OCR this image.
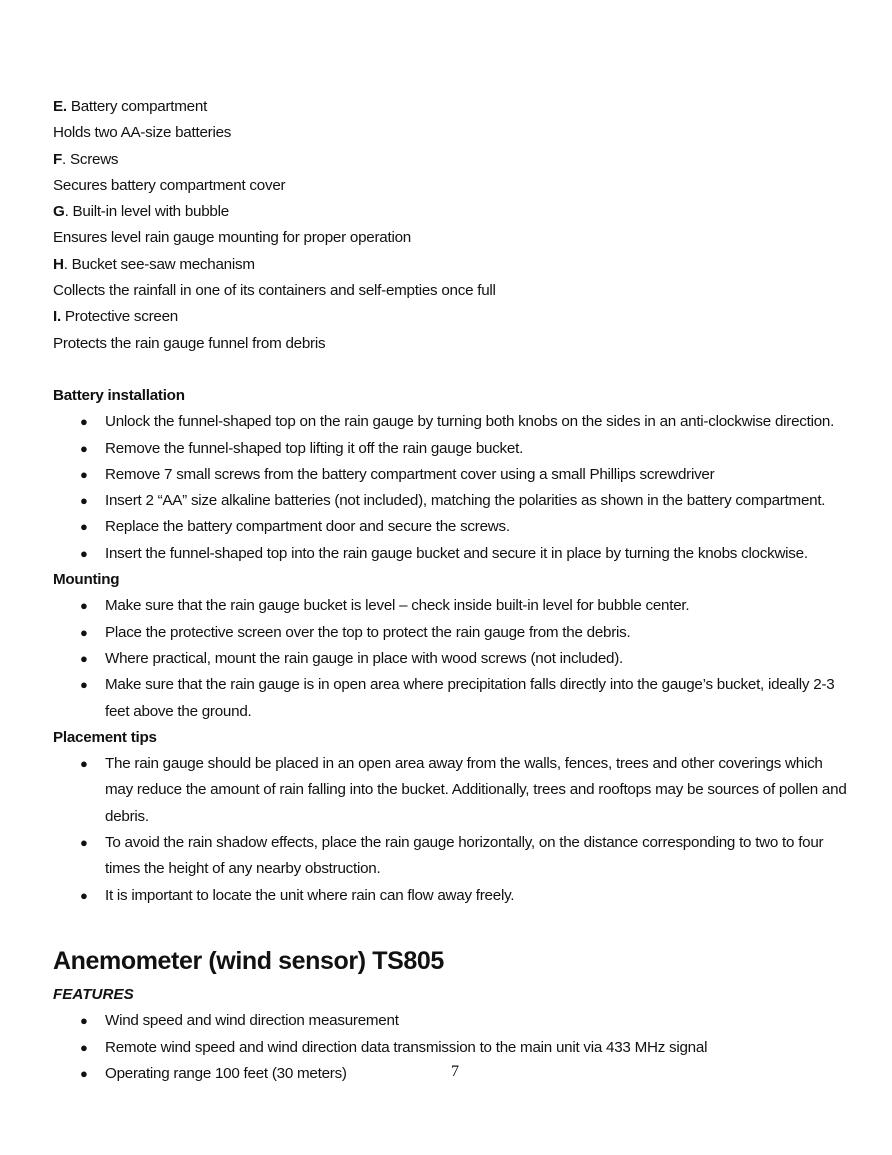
E. Battery compartment
Holds two AA-size batteries
F. Screws
Secures battery compartment cover
G. Built-in level with bubble
Ensures level rain gauge mounting for proper operation
H. Bucket see-saw mechanism
Collects the rainfall in one of its containers and self-empties once full
I. Protective screen
Protects the rain gauge funnel from debris
Battery installation
● Unlock the funnel-shaped top on the rain gauge by turning both knobs on the sides in an anti-clockwise direction.
● Remove the funnel-shaped top lifting it off the rain gauge bucket.
● Remove 7 small screws from the battery compartment cover using a small Phillips screwdriver
● Insert 2 “AA” size alkaline batteries (not included), matching the polarities as shown in the battery compartment.
● Replace the battery compartment door and secure the screws.
● Insert the funnel-shaped top into the rain gauge bucket and secure it in place by turning the knobs clockwise.
Mounting
● Make sure that the rain gauge bucket is level – check inside built-in level for bubble center.
● Place the protective screen over the top to protect the rain gauge from the debris.
● Where practical, mount the rain gauge in place with wood screws (not included).
● Make sure that the rain gauge is in open area where precipitation falls directly into the gauge’s bucket, ideally 2-3 feet above the ground.
Placement tips
● The rain gauge should be placed in an open area away from the walls, fences, trees and other coverings which may reduce the amount of rain falling into the bucket. Additionally, trees and rooftops may be sources of pollen and debris.
● To avoid the rain shadow effects, place the rain gauge horizontally, on the distance corresponding to two to four times the height of any nearby obstruction.
● It is important to locate the unit where rain can flow away freely.
Anemometer (wind sensor) TS805
FEATURES
● Wind speed and wind direction measurement
● Remote wind speed and wind direction data transmission to the main unit via 433 MHz signal
● Operating range 100 feet (30 meters)	7
